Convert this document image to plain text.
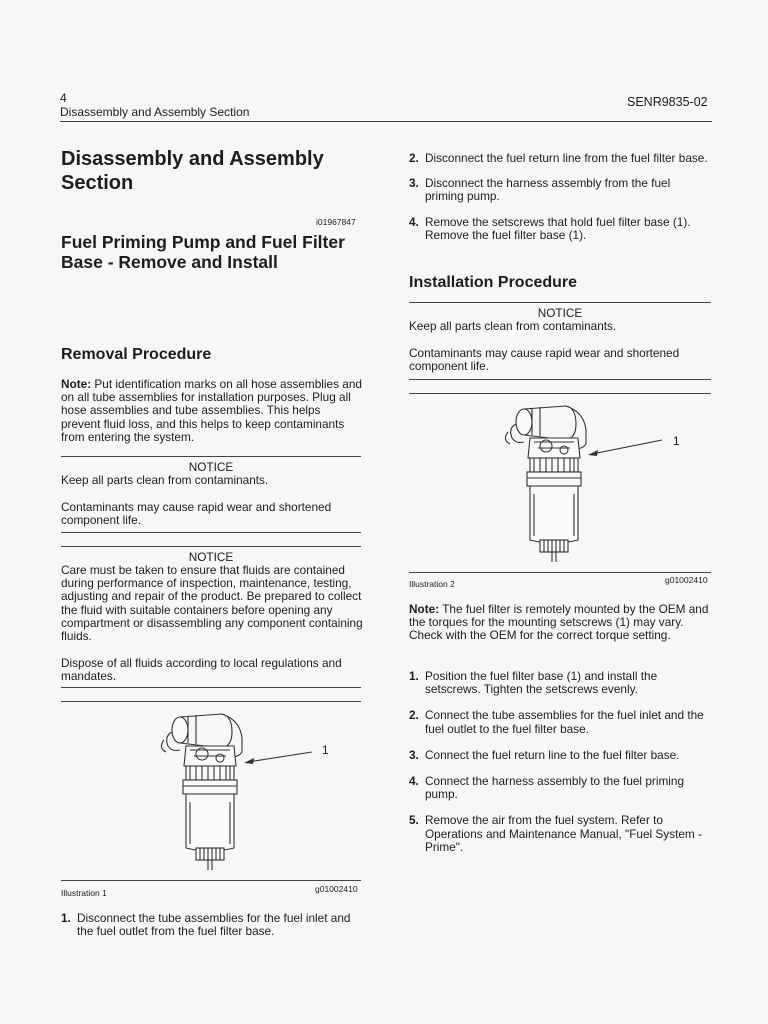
4
Disassembly and Assembly Section
SENR9835-02
Disassembly and Assembly Section
i01967847
Fuel Priming Pump and Fuel Filter Base - Remove and Install
Removal Procedure
Note: Put identification marks on all hose assemblies and on all tube assemblies for installation purposes. Plug all hose assemblies and tube assemblies. This helps prevent fluid loss, and this helps to keep contaminants from entering the system.
NOTICE
Keep all parts clean from contaminants.
Contaminants may cause rapid wear and shortened component life.
NOTICE
Care must be taken to ensure that fluids are contained during performance of inspection, maintenance, testing, adjusting and repair of the product. Be prepared to collect the fluid with suitable containers before opening any compartment or disassembling any component containing fluids.
Dispose of all fluids according to local regulations and mandates.
1
Illustration 1	g01002410
1. Disconnect the tube assemblies for the fuel inlet and the fuel outlet from the fuel filter base.
2. Disconnect the fuel return line from the fuel filter base.
3. Disconnect the harness assembly from the fuel priming pump.
4. Remove the setscrews that hold fuel filter base (1). Remove the fuel filter base (1).
Installation Procedure
NOTICE
Keep all parts clean from contaminants.
Contaminants may cause rapid wear and shortened component life.
1
Illustration 2	g01002410
Note: The fuel filter is remotely mounted by the OEM and the torques for the mounting setscrews (1) may vary. Check with the OEM for the correct torque setting.
1. Position the fuel filter base (1) and install the setscrews. Tighten the setscrews evenly.
2. Connect the tube assemblies for the fuel inlet and the fuel outlet to the fuel filter base.
3. Connect the fuel return line to the fuel filter base.
4. Connect the harness assembly to the fuel priming pump.
5. Remove the air from the fuel system. Refer to Operations and Maintenance Manual, "Fuel System - Prime".
